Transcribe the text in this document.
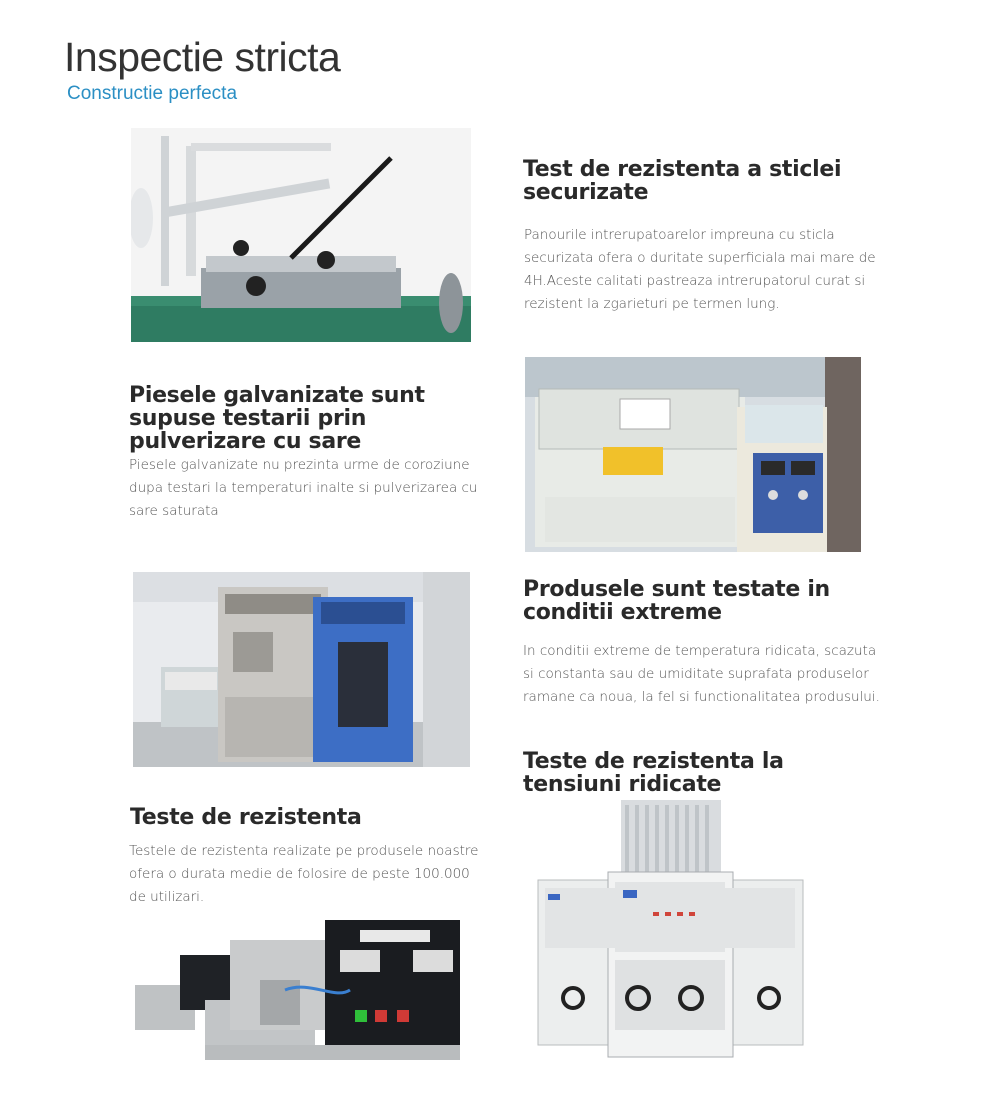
Inspectie stricta
Constructie perfecta
Test de rezistenta a sticlei securizate

Panourile intrerupatoarelor impreuna cu sticla securizata ofera o duritate superficiala mai mare de 4H.Aceste calitati pastreaza intrerupatorul curat si rezistent la zgarieturi pe termen lung.

Piesele galvanizate sunt supuse testarii prin pulverizare cu sare

Piesele galvanizate nu prezinta urme de coroziune dupa testari la temperaturi inalte si pulverizarea cu sare saturata

Produsele sunt testate in conditii extreme

In conditii extreme de temperatura ridicata, scazuta si constanta sau de umiditate suprafata produselor ramane ca noua, la fel si functionalitatea produsului.

Teste de rezistenta la tensiuni ridicate
Teste de rezistenta

Testele de rezistenta realizate pe produsele noastre ofera o durata medie de folosire de peste 100.000 de utilizari.
